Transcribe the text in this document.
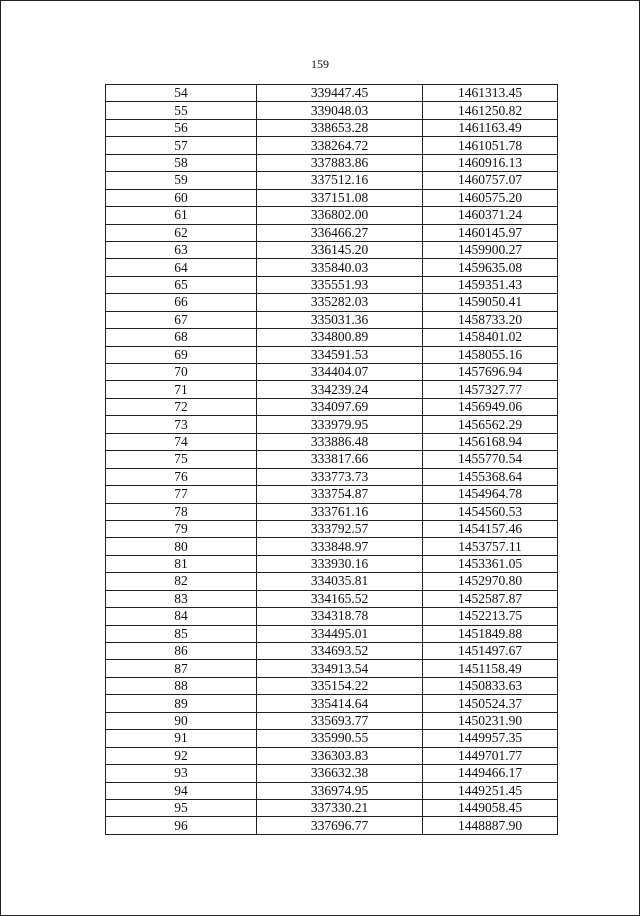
159
54	339447.45	1461313.45
55	339048.03	1461250.82
56	338653.28	1461163.49
57	338264.72	1461051.78
58	337883.86	1460916.13
59	337512.16	1460757.07
60	337151.08	1460575.20
61	336802.00	1460371.24
62	336466.27	1460145.97
63	336145.20	1459900.27
64	335840.03	1459635.08
65	335551.93	1459351.43
66	335282.03	1459050.41
67	335031.36	1458733.20
68	334800.89	1458401.02
69	334591.53	1458055.16
70	334404.07	1457696.94
71	334239.24	1457327.77
72	334097.69	1456949.06
73	333979.95	1456562.29
74	333886.48	1456168.94
75	333817.66	1455770.54
76	333773.73	1455368.64
77	333754.87	1454964.78
78	333761.16	1454560.53
79	333792.57	1454157.46
80	333848.97	1453757.11
81	333930.16	1453361.05
82	334035.81	1452970.80
83	334165.52	1452587.87
84	334318.78	1452213.75
85	334495.01	1451849.88
86	334693.52	1451497.67
87	334913.54	1451158.49
88	335154.22	1450833.63
89	335414.64	1450524.37
90	335693.77	1450231.90
91	335990.55	1449957.35
92	336303.83	1449701.77
93	336632.38	1449466.17
94	336974.95	1449251.45
95	337330.21	1449058.45
96	337696.77	1448887.90
